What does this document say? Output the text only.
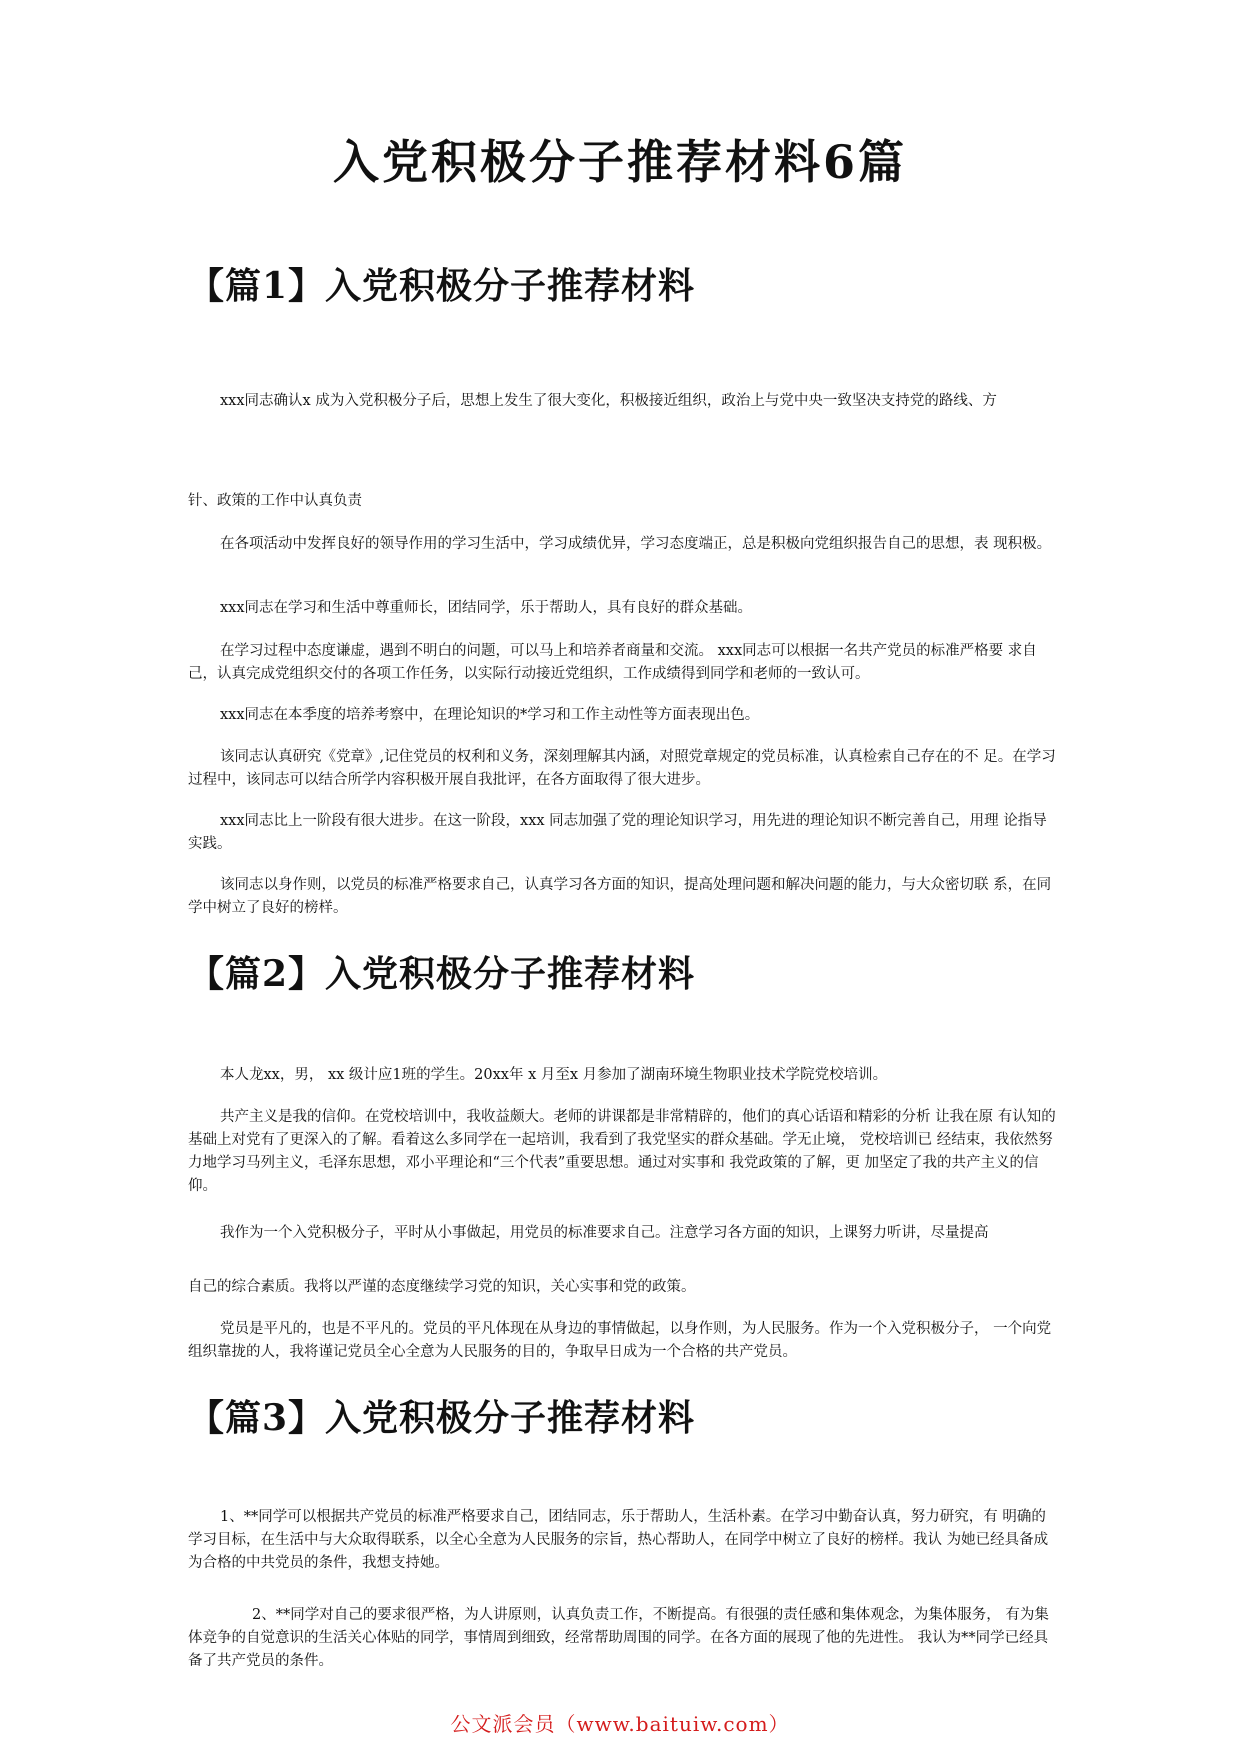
入党积极分子推荐材料6篇
【篇1】入党积极分子推荐材料

xxx同志确认x 成为入党积极分子后，思想上发生了很大变化，积极接近组织，政治上与党中央一致坚决支持党的路线、方

针、政策的工作中认真负责

在各项活动中发挥良好的领导作用的学习生活中，学习成绩优异，学习态度端正，总是积极向党组织报告自己的思想，表 现积极。

xxx同志在学习和生活中尊重师长，团结同学，乐于帮助人，具有良好的群众基础。

在学习过程中态度谦虚，遇到不明白的问题，可以马上和培养者商量和交流。 xxx同志可以根据一名共产党员的标准严格要 求自己，认真完成党组织交付的各项工作任务，以实际行动接近党组织，工作成绩得到同学和老师的一致认可。

xxx同志在本季度的培养考察中，在理论知识的*学习和工作主动性等方面表现出色。

该同志认真研究《党章》,记住党员的权利和义务，深刻理解其内涵，对照党章规定的党员标准，认真检索自己存在的不 足。在学习过程中，该同志可以结合所学内容积极开展自我批评，在各方面取得了很大进步。

xxx同志比上一阶段有很大进步。在这一阶段，xxx 同志加强了党的理论知识学习，用先进的理论知识不断完善自己，用理 论指导实践。

该同志以身作则，以党员的标准严格要求自己，认真学习各方面的知识，提高处理问题和解决问题的能力，与大众密切联 系，在同学中树立了良好的榜样。

【篇2】入党积极分子推荐材料

本人龙xx，男， xx 级计应1班的学生。20xx年 x 月至x 月参加了湖南环境生物职业技术学院党校培训。

共产主义是我的信仰。在党校培训中，我收益颇大。老师的讲课都是非常精辟的，他们的真心话语和精彩的分析 让我在原 有认知的基础上对党有了更深入的了解。看着这么多同学在一起培训，我看到了我党坚实的群众基础。学无止境， 党校培训已 经结束，我依然努力地学习马列主义，毛泽东思想，邓小平理论和“三个代表”重要思想。通过对实事和 我党政策的了解，更 加坚定了我的共产主义的信仰。

我作为一个入党积极分子，平时从小事做起，用党员的标准要求自己。注意学习各方面的知识，上课努力听讲，尽量提高

自己的综合素质。我将以严谨的态度继续学习党的知识，关心实事和党的政策。

党员是平凡的，也是不平凡的。党员的平凡体现在从身边的事情做起，以身作则，为人民服务。作为一个入党积极分子， 一个向党组织靠拢的人，我将谨记党员全心全意为人民服务的目的，争取早日成为一个合格的共产党员。

【篇3】入党积极分子推荐材料

1、**同学可以根据共产党员的标准严格要求自己，团结同志，乐于帮助人，生活朴素。在学习中勤奋认真，努力研究，有 明确的学习目标，在生活中与大众取得联系，以全心全意为人民服务的宗旨，热心帮助人，在同学中树立了良好的榜样。我认 为她已经具备成为合格的中共党员的条件，我想支持她。

2、**同学对自己的要求很严格，为人讲原则，认真负责工作，不断提高。有很强的责任感和集体观念，为集体服务， 有为集体竞争的自觉意识的生活关心体贴的同学，事情周到细致，经常帮助周围的同学。在各方面的展现了他的先进性。 我认为**同学已经具备了共产党员的条件。

公文派会员（www.baituiw.com）
